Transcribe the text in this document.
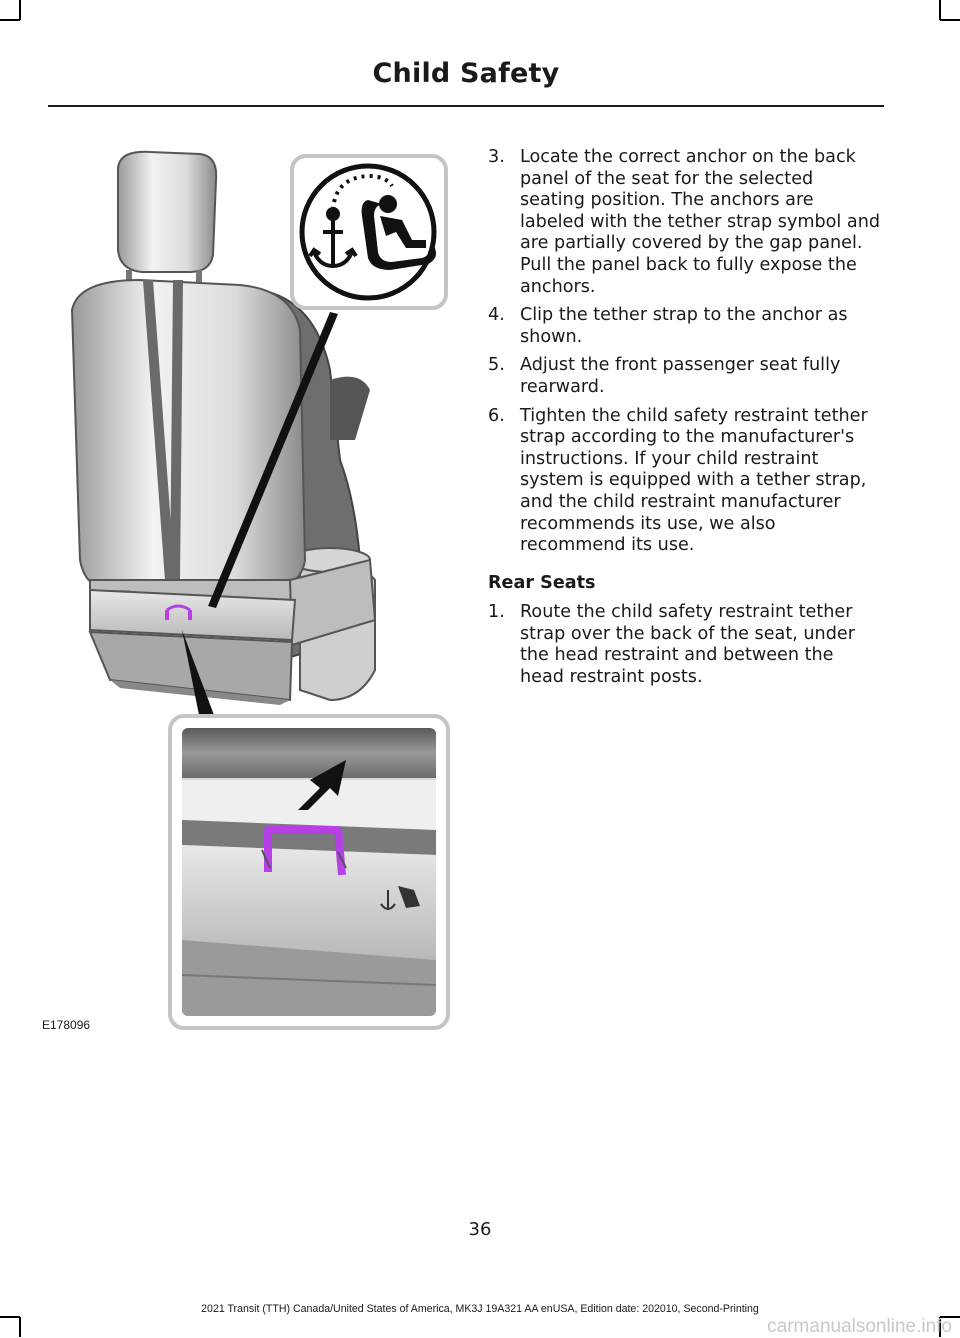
Child Safety
E178096
3. Locate the correct anchor on the back panel of the seat for the selected seating position. The anchors are labeled with the tether strap symbol and are partially covered by the gap panel. Pull the panel back to fully expose the anchors.
4. Clip the tether strap to the anchor as shown.
5. Adjust the front passenger seat fully rearward.
6. Tighten the child safety restraint tether strap according to the manufacturer's instructions. If your child restraint system is equipped with a tether strap, and the child restraint manufacturer recommends its use, we also recommend its use.
Rear Seats
1. Route the child safety restraint tether strap over the back of the seat, under the head restraint and between the head restraint posts.
36
2021 Transit (TTH) Canada/United States of America, MK3J 19A321 AA enUSA, Edition date: 202010, Second-Printing
carmanualsonline.info
